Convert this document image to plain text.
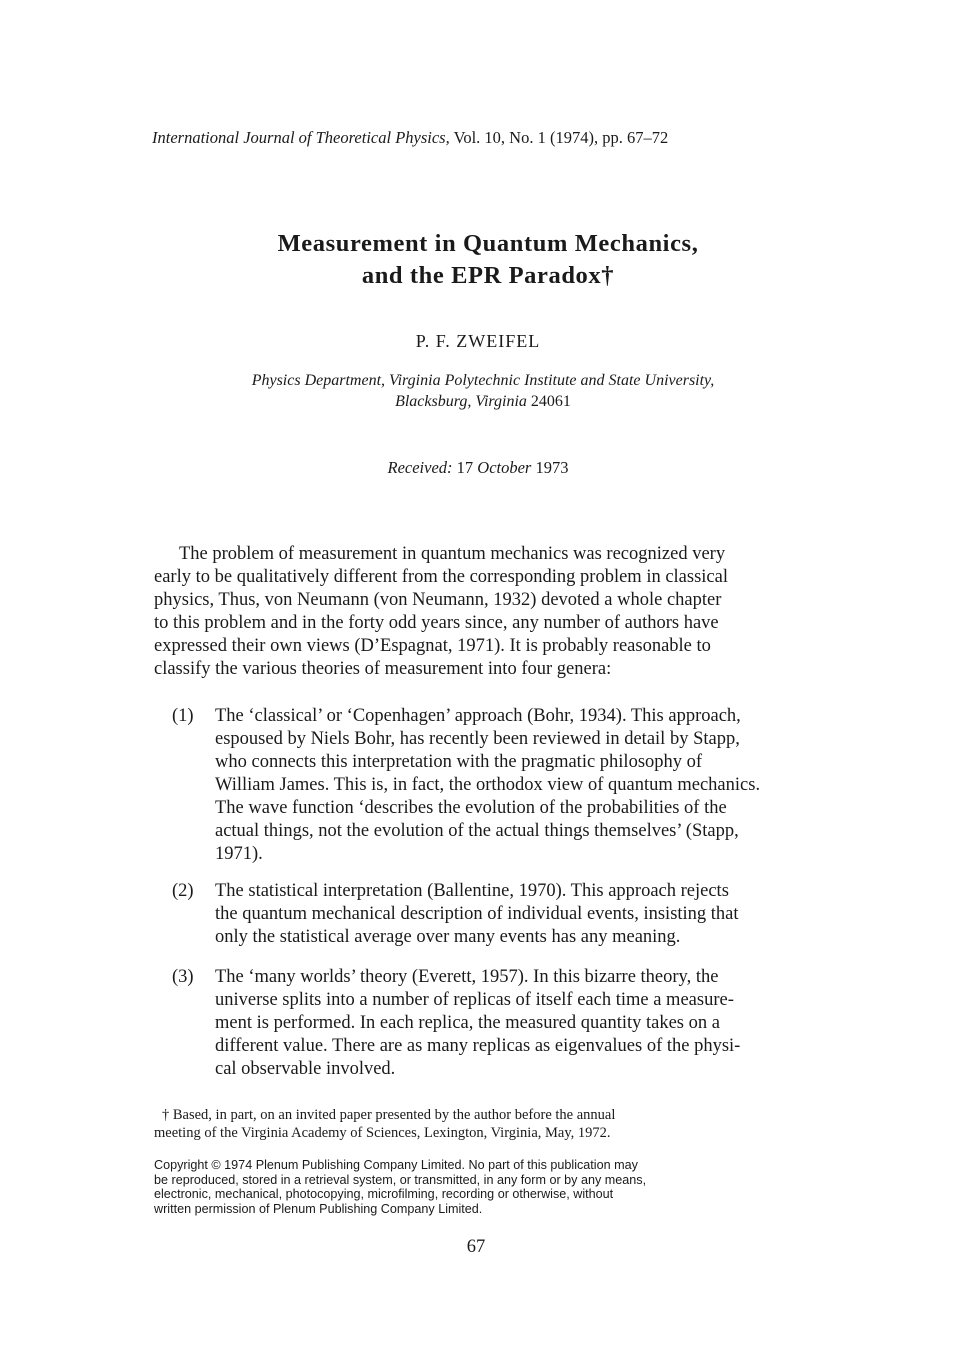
International Journal of Theoretical Physics, Vol. 10, No. 1 (1974), pp. 67–72
Measurement in Quantum Mechanics,
and the EPR Paradox†
P. F. ZWEIFEL
Physics Department, Virginia Polytechnic Institute and State University,
Blacksburg, Virginia 24061
Received: 17 October 1973
The problem of measurement in quantum mechanics was recognized very
early to be qualitatively different from the corresponding problem in classical
physics, Thus, von Neumann (von Neumann, 1932) devoted a whole chapter
to this problem and in the forty odd years since, any number of authors have
expressed their own views (D’Espagnat, 1971). It is probably reasonable to
classify the various theories of measurement into four genera:
(1) The ‘classical’ or ‘Copenhagen’ approach (Bohr, 1934). This approach,
espoused by Niels Bohr, has recently been reviewed in detail by Stapp,
who connects this interpretation with the pragmatic philosophy of
William James. This is, in fact, the orthodox view of quantum mechanics.
The wave function ‘describes the evolution of the probabilities of the
actual things, not the evolution of the actual things themselves’ (Stapp,
1971).
(2) The statistical interpretation (Ballentine, 1970). This approach rejects
the quantum mechanical description of individual events, insisting that
only the statistical average over many events has any meaning.
(3) The ‘many worlds’ theory (Everett, 1957). In this bizarre theory, the
universe splits into a number of replicas of itself each time a measure-
ment is performed. In each replica, the measured quantity takes on a
different value. There are as many replicas as eigenvalues of the physi-
cal observable involved.
† Based, in part, on an invited paper presented by the author before the annual
meeting of the Virginia Academy of Sciences, Lexington, Virginia, May, 1972.
Copyright © 1974 Plenum Publishing Company Limited. No part of this publication may
be reproduced, stored in a retrieval system, or transmitted, in any form or by any means,
electronic, mechanical, photocopying, microfilming, recording or otherwise, without
written permission of Plenum Publishing Company Limited.
67
